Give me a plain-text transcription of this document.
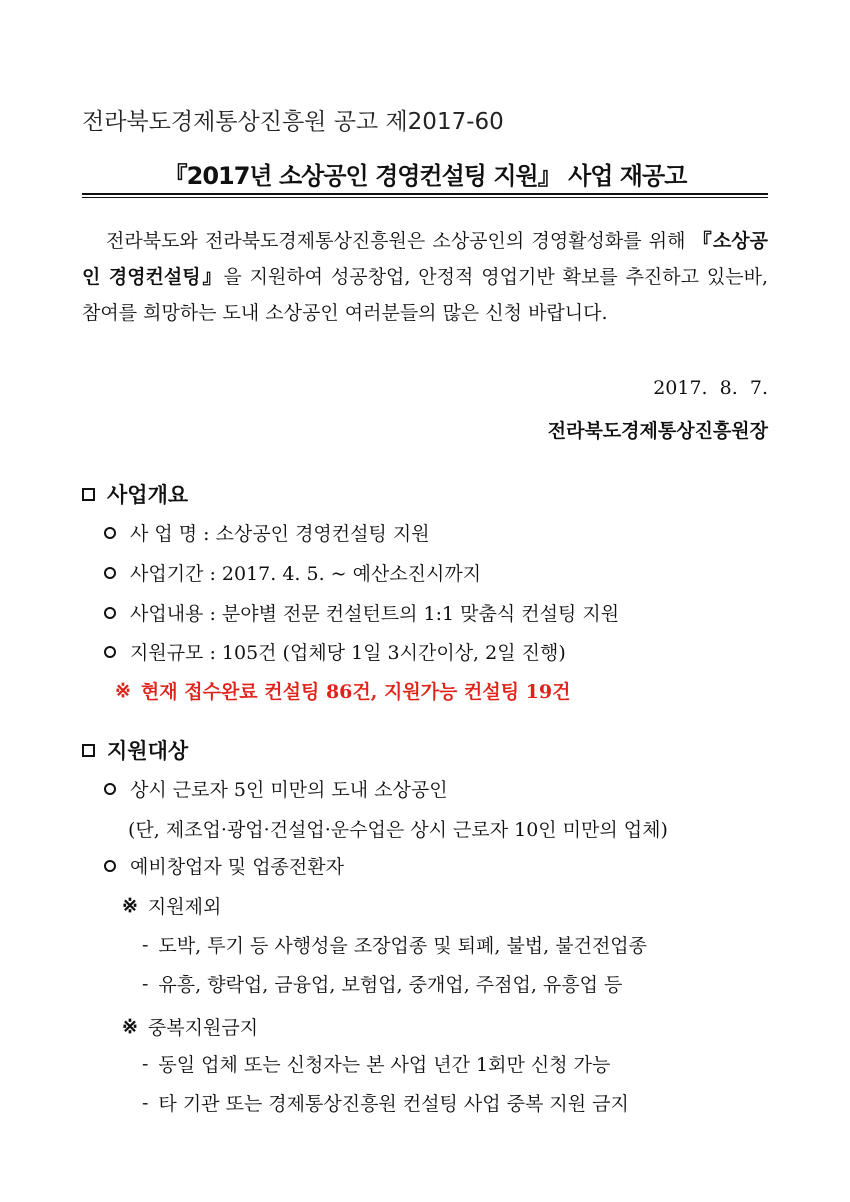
전라북도경제통상진흥원 공고 제2017-60
『2017년 소상공인 경영컨설팅 지원』 사업 재공고

전라북도와 전라북도경제통상진흥원은 소상공인의 경영활성화를 위해 『소상공인 경영컨설팅』을 지원하여 성공창업, 안정적 영업기반 확보를 추진하고 있는바, 참여를 희망하는 도내 소상공인 여러분들의 많은 신청 바랍니다.

2017.  8.  7.
전라북도경제통상진흥원장
사업개요
사 업 명 : 소상공인 경영컨설팅 지원
사업기간 : 2017. 4. 5. ~ 예산소진시까지
사업내용 : 분야별 전문 컨설턴트의 1:1 맞춤식 컨설팅 지원
지원규모 : 105건 (업체당 1일 3시간이상, 2일 진행)
※ 현재 접수완료 컨설팅 86건, 지원가능 컨설팅 19건
지원대상
상시 근로자 5인 미만의 도내 소상공인
(단, 제조업·광업·건설업·운수업은 상시 근로자 10인 미만의 업체)
예비창업자 및 업종전환자
※ 지원제외
- 도박, 투기 등 사행성을 조장업종 및 퇴폐, 불법, 불건전업종
- 유흥, 향락업, 금융업, 보험업, 중개업, 주점업, 유흥업 등
※ 중복지원금지
- 동일 업체 또는 신청자는 본 사업 년간 1회만 신청 가능
- 타 기관 또는 경제통상진흥원 컨설팅 사업 중복 지원 금지
